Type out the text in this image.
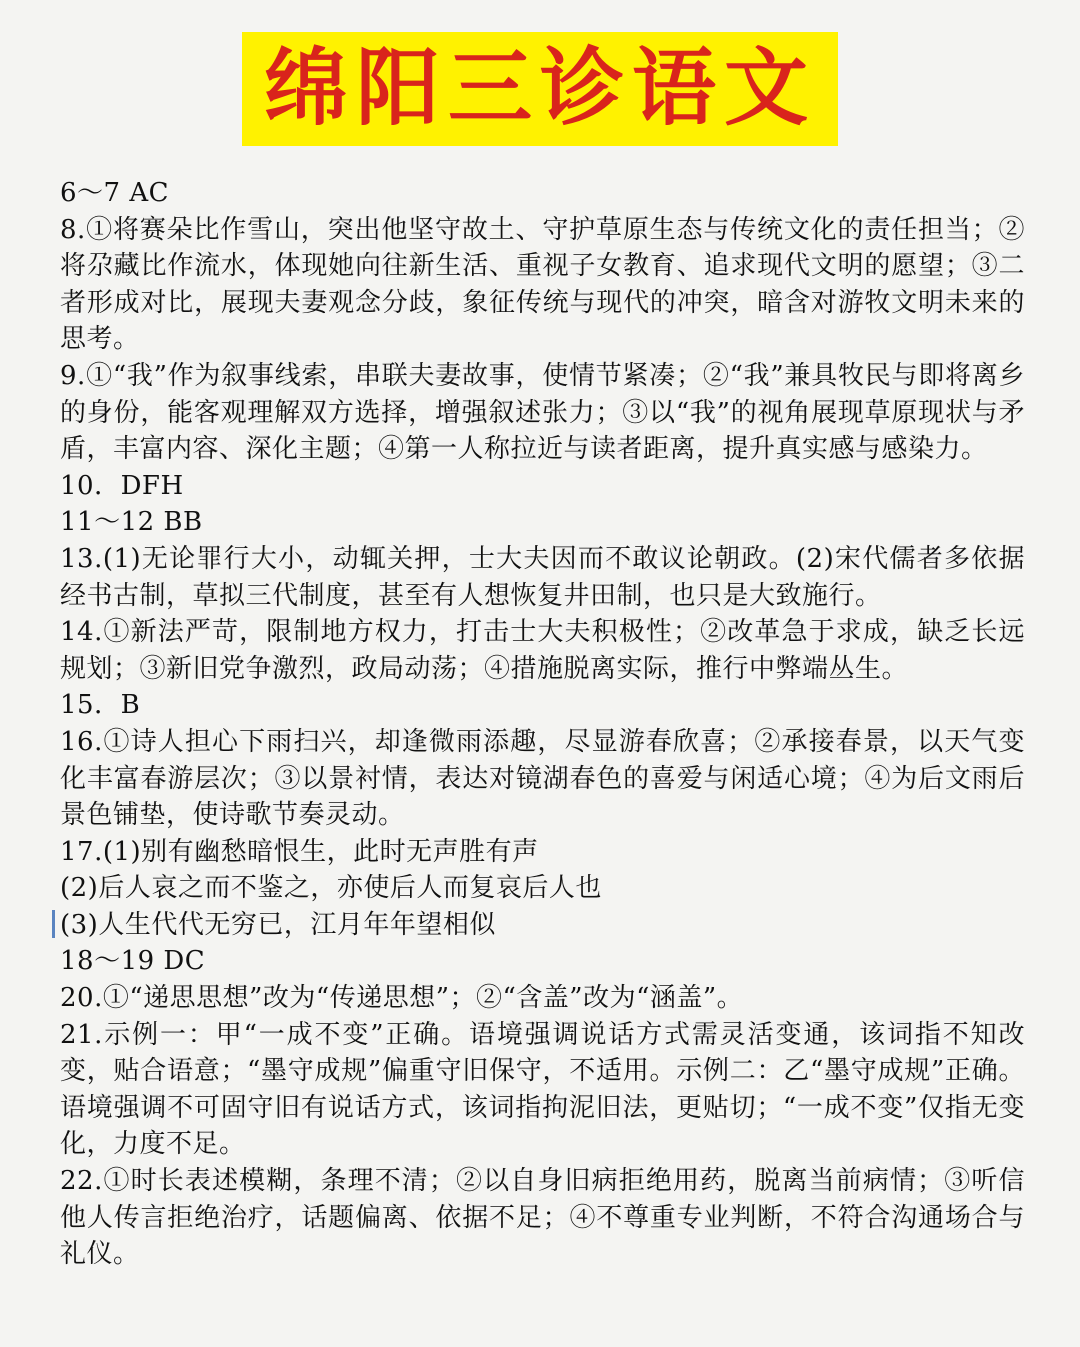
绵阳三诊语文

6～7 AC

8.①将赛朵比作雪山，突出他坚守故土、守护草原生态与传统文化的责任担当；②将尕藏比作流水，体现她向往新生活、重视子女教育、追求现代文明的愿望；③二者形成对比，展现夫妻观念分歧，象征传统与现代的冲突，暗含对游牧文明未来的思考。

9.①“我”作为叙事线索，串联夫妻故事，使情节紧凑；②“我”兼具牧民与即将离乡的身份，能客观理解双方选择，增强叙述张力；③以“我”的视角展现草原现状与矛盾，丰富内容、深化主题；④第一人称拉近与读者距离，提升真实感与感染力。

10．DFH

11～12 BB

13.(1)无论罪行大小，动辄关押，士大夫因而不敢议论朝政。(2)宋代儒者多依据经书古制，草拟三代制度，甚至有人想恢复井田制，也只是大致施行。

14.①新法严苛，限制地方权力，打击士大夫积极性；②改革急于求成，缺乏长远规划；③新旧党争激烈，政局动荡；④措施脱离实际，推行中弊端丛生。

15．B

16.①诗人担心下雨扫兴，却逢微雨添趣，尽显游春欣喜；②承接春景，以天气变化丰富春游层次；③以景衬情，表达对镜湖春色的喜爱与闲适心境；④为后文雨后景色铺垫，使诗歌节奏灵动。

17.(1)别有幽愁暗恨生，此时无声胜有声

(2)后人哀之而不鉴之，亦使后人而复哀后人也

(3)人生代代无穷已，江月年年望相似

18～19 DC

20.①“递思思想”改为“传递思想”；②“含盖”改为“涵盖”。

21.示例一：甲“一成不变”正确。语境强调说话方式需灵活变通，该词指不知改变，贴合语意；“墨守成规”偏重守旧保守，不适用。示例二：乙“墨守成规”正确。语境强调不可固守旧有说话方式，该词指拘泥旧法，更贴切；“一成不变”仅指无变化，力度不足。

22.①时长表述模糊，条理不清；②以自身旧病拒绝用药，脱离当前病情；③听信他人传言拒绝治疗，话题偏离、依据不足；④不尊重专业判断，不符合沟通场合与礼仪。
